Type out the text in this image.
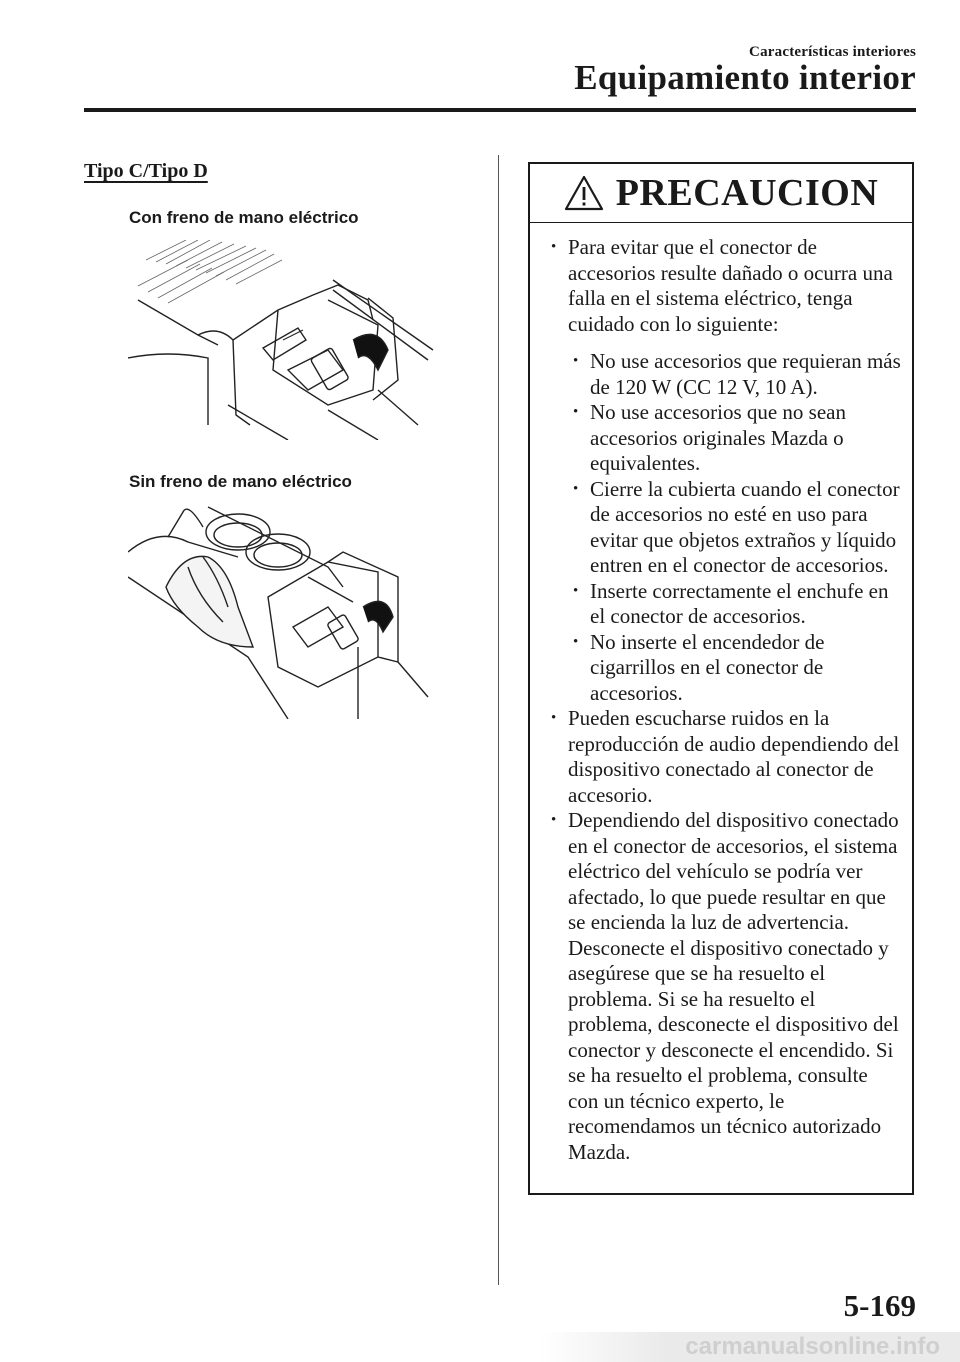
Características interiores
Equipamiento interior
Tipo C/Tipo D
Con freno de mano eléctrico
Sin freno de mano eléctrico
PRECAUCION

• Para evitar que el conector de accesorios resulte dañado o ocurra una falla en el sistema eléctrico, tenga cuidado con lo siguiente:

• No use accesorios que requieran más de 120 W (CC 12 V, 10 A).

• No use accesorios que no sean accesorios originales Mazda o equivalentes.

• Cierre la cubierta cuando el conector de accesorios no esté en uso para evitar que objetos extraños y líquido entren en el conector de accesorios.

• Inserte correctamente el enchufe en el conector de accesorios.

• No inserte el encendedor de cigarrillos en el conector de accesorios.

• Pueden escucharse ruidos en la reproducción de audio dependiendo del dispositivo conectado al conector de accesorio.

• Dependiendo del dispositivo conectado en el conector de accesorios, el sistema eléctrico del vehículo se podría ver afectado, lo que puede resultar en que se encienda la luz de advertencia. Desconecte el dispositivo conectado y asegúrese que se ha resuelto el problema. Si se ha resuelto el problema, desconecte el dispositivo del conector y desconecte el encendido. Si se ha resuelto el problema, consulte con un técnico experto, le recomendamos un técnico autorizado Mazda.

5-169
carmanualsonline.info
